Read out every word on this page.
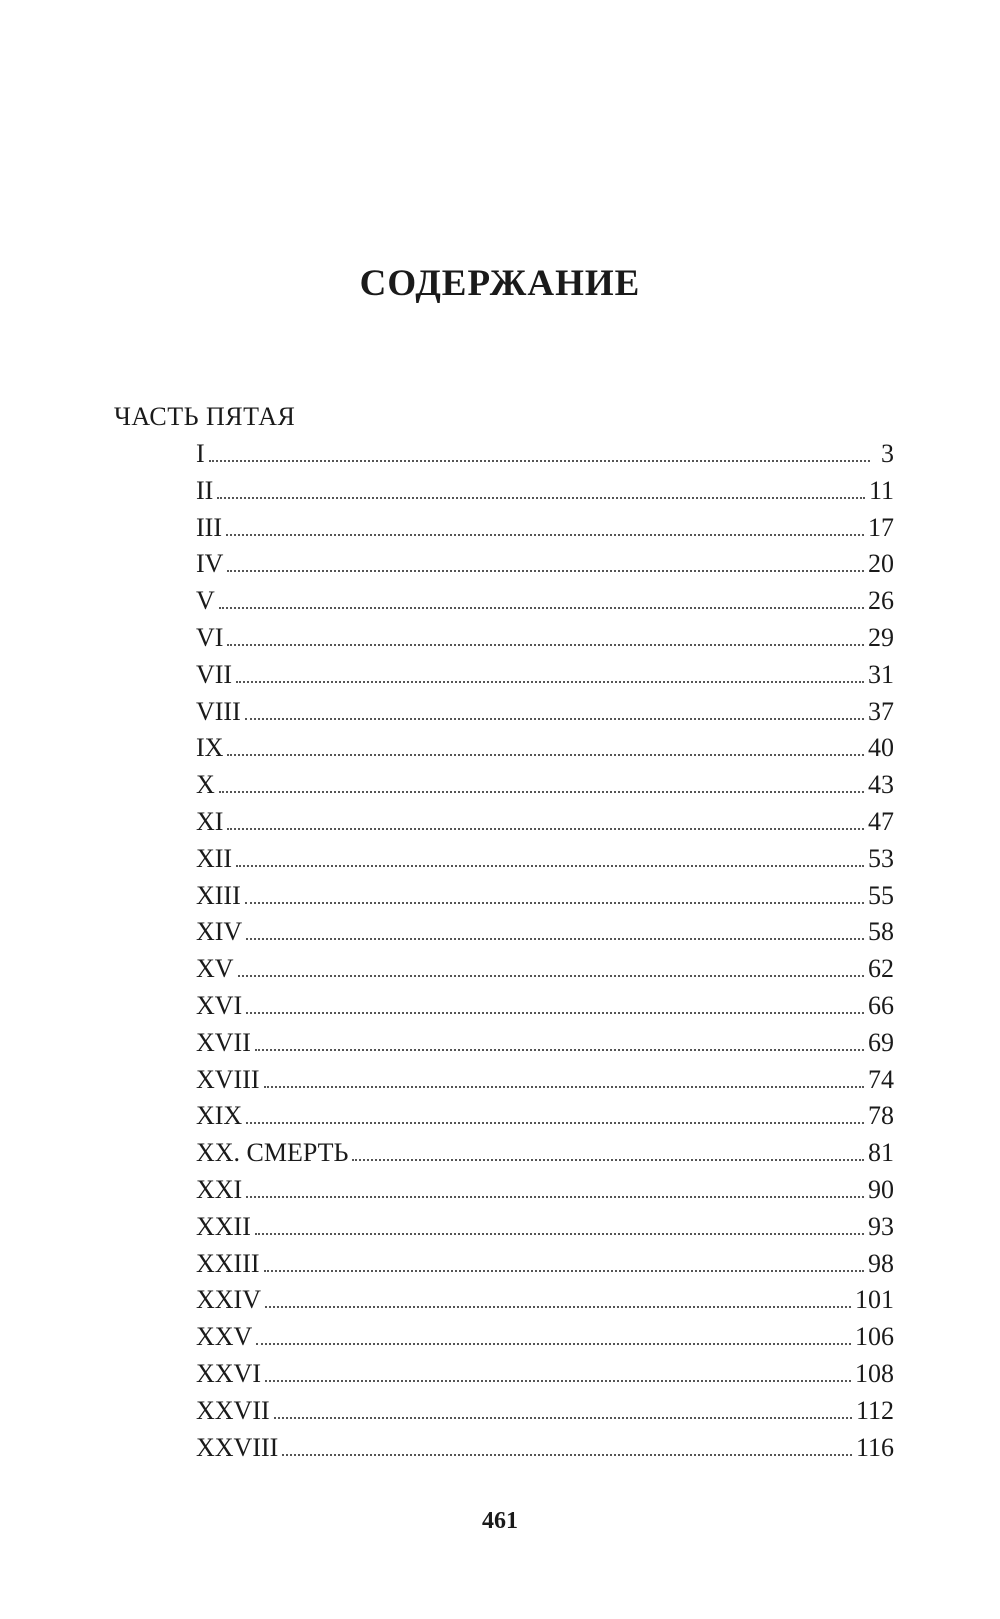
СОДЕРЖАНИЕ
ЧАСТЬ ПЯТАЯ
I	3
II	11
III	17
IV	20
V	26
VI	29
VII	31
VIII	37
IX	40
X	43
XI	47
XII	53
XIII	55
XIV	58
XV	62
XVI	66
XVII	69
XVIII	74
XIX	78
XX. СМЕРТЬ	81
XXI	90
XXII	93
XXIII	98
XXIV	101
XXV	106
XXVI	108
XXVII	112
XXVIII	116
461
